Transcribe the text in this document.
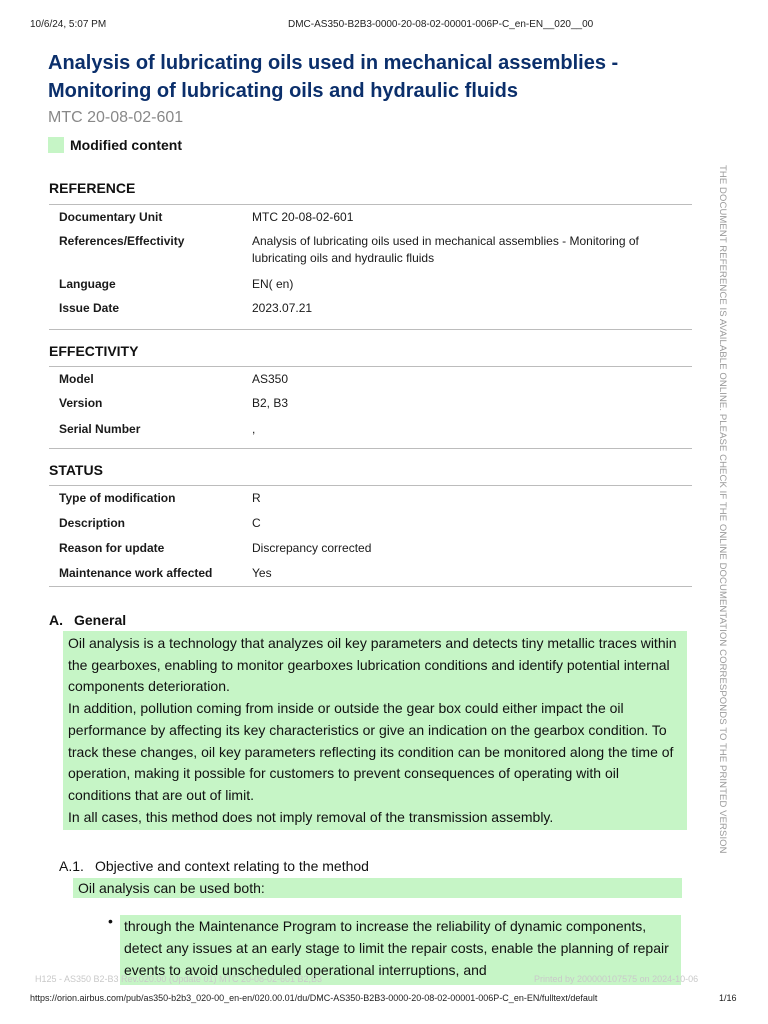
10/6/24, 5:07 PM	DMC-AS350-B2B3-0000-20-08-02-00001-006P-C_en-EN__020__00
Analysis of lubricating oils used in mechanical assemblies - Monitoring of lubricating oils and hydraulic fluids
MTC 20-08-02-601
Modified content
REFERENCE
Documentary Unit	MTC 20-08-02-601
References/Effectivity	Analysis of lubricating oils used in mechanical assemblies - Monitoring of lubricating oils and hydraulic fluids
Language	EN( en)
Issue Date	2023.07.21
EFFECTIVITY
Model	AS350
Version	B2, B3
Serial Number	,
STATUS
Type of modification	R
Description	C
Reason for update	Discrepancy corrected
Maintenance work affected	Yes
A. General

Oil analysis is a technology that analyzes oil key parameters and detects tiny metallic traces within the gearboxes, enabling to monitor gearboxes lubrication conditions and identify potential internal components deterioration.

In addition, pollution coming from inside or outside the gear box could either impact the oil performance by affecting its key characteristics or give an indication on the gearbox condition. To track these changes, oil key parameters reflecting its condition can be monitored along the time of operation, making it possible for customers to prevent consequences of operating with oil conditions that are out of limit.

In all cases, this method does not imply removal of the transmission assembly.

A.1. Objective and context relating to the method
Oil analysis can be used both:
• through the Maintenance Program to increase the reliability of dynamic components, detect any issues at an early stage to limit the repair costs, enable the planning of repair events to avoid unscheduled operational interruptions, and
H125 - AS350 B2-B3 Rev.020.00 (Update 01) MTC 20-08-02-601 B2,B3	Printed by 200000107575 on 2024-10-06
https://orion.airbus.com/pub/as350-b2b3_020-00_en-en/020.00.01/du/DMC-AS350-B2B3-0000-20-08-02-00001-006P-C_en-EN/fulltext/default	1/16
THE DOCUMENT REFERENCE IS AVAILABLE ONLINE. PLEASE CHECK IF THE ONLINE DOCUMENTATION CORRESPONDS TO THE PRINTED VERSION
